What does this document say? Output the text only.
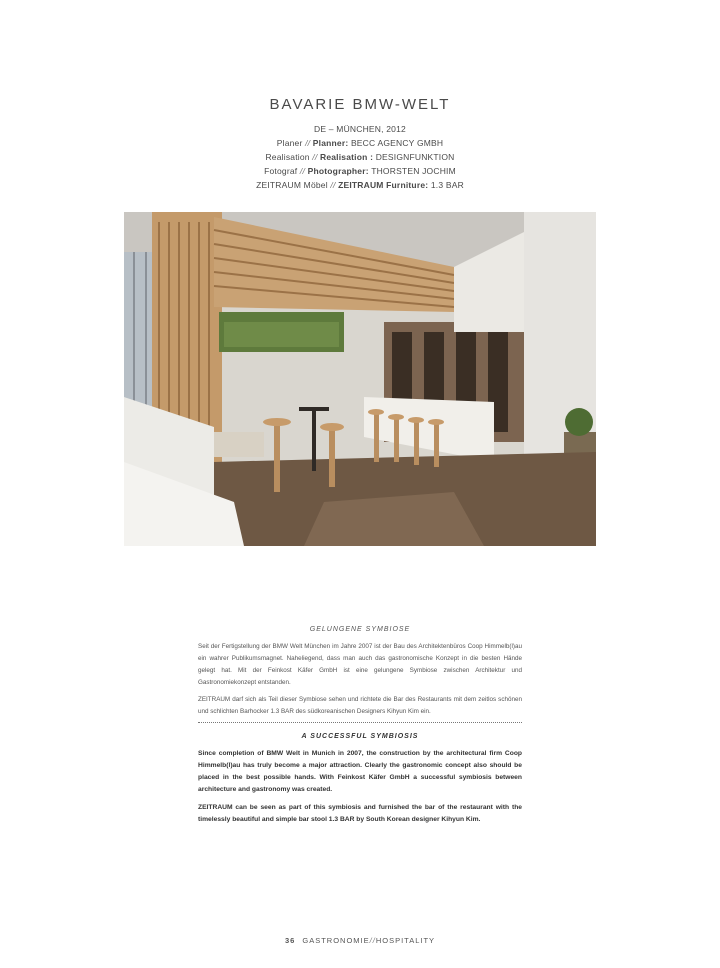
BAVARIE BMW-WELT
DE – MÜNCHEN, 2012
Planer // Planner: BECC AGENCY GMBH
Realisation // Realisation : DESIGNFUNKTION
Fotograf // Photographer: THORSTEN JOCHIM
ZEITRAUM Möbel // ZEITRAUM Furniture: 1.3 BAR
GELUNGENE SYMBIOSE

Seit der Fertigstellung der BMW Welt München im Jahre 2007 ist der Bau des Architektenbüros Coop Himmelb(l)au ein wahrer Publikumsmagnet. Naheliegend, dass man auch das gastronomische Konzept in die besten Hände gelegt hat. Mit der Feinkost Käfer GmbH ist eine gelungene Symbiose zwischen Architektur und Gastronomiekonzept entstanden.

ZEITRAUM darf sich als Teil dieser Symbiose sehen und richtete die Bar des Restaurants mit dem zeitlos schönen und schlichten Barhocker 1.3 BAR des südkoreanischen Designers Kihyun Kim ein.

A SUCCESSFUL SYMBIOSIS

Since completion of BMW Welt in Munich in 2007, the construction by the architectural firm Coop Himmelb(l)au has truly become a major attraction. Clearly the gastronomic concept also should be placed in the best possible hands. With Feinkost Käfer GmbH a successful symbiosis between architecture and gastronomy was created.

ZEITRAUM can be seen as part of this symbiosis and furnished the bar of the restaurant with the timelessly beautiful and simple bar stool 1.3 BAR by South Korean designer Kihyun Kim.

36 GASTRONOMIE//HOSPITALITY
